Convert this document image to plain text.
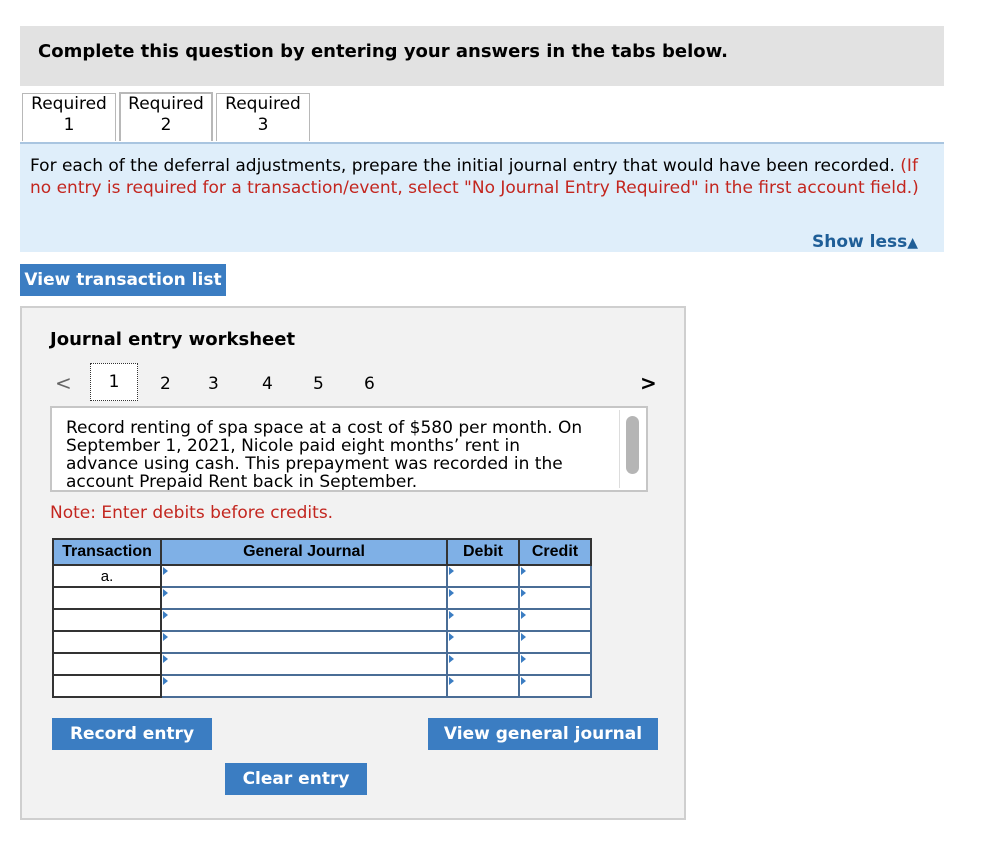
Complete this question by entering your answers in the tabs below.
Required
1
Required
2
Required
3

For each of the deferral adjustments, prepare the initial journal entry that would have been recorded. (If no entry is required for a transaction/event, select "No Journal Entry Required" in the first account field.)

Show less▲
View transaction list
Journal entry worksheet
<	1	2 3	4 5 6	>

Record renting of spa space at a cost of $580 per month. On September 1, 2021, Nicole paid eight months’ rent in advance using cash. This prepayment was recorded in the account Prepaid Rent back in September.

Note: Enter debits before credits.
Transaction	General Journal	Debit	Credit
a.			

Record entry	View general journal
Clear entry
